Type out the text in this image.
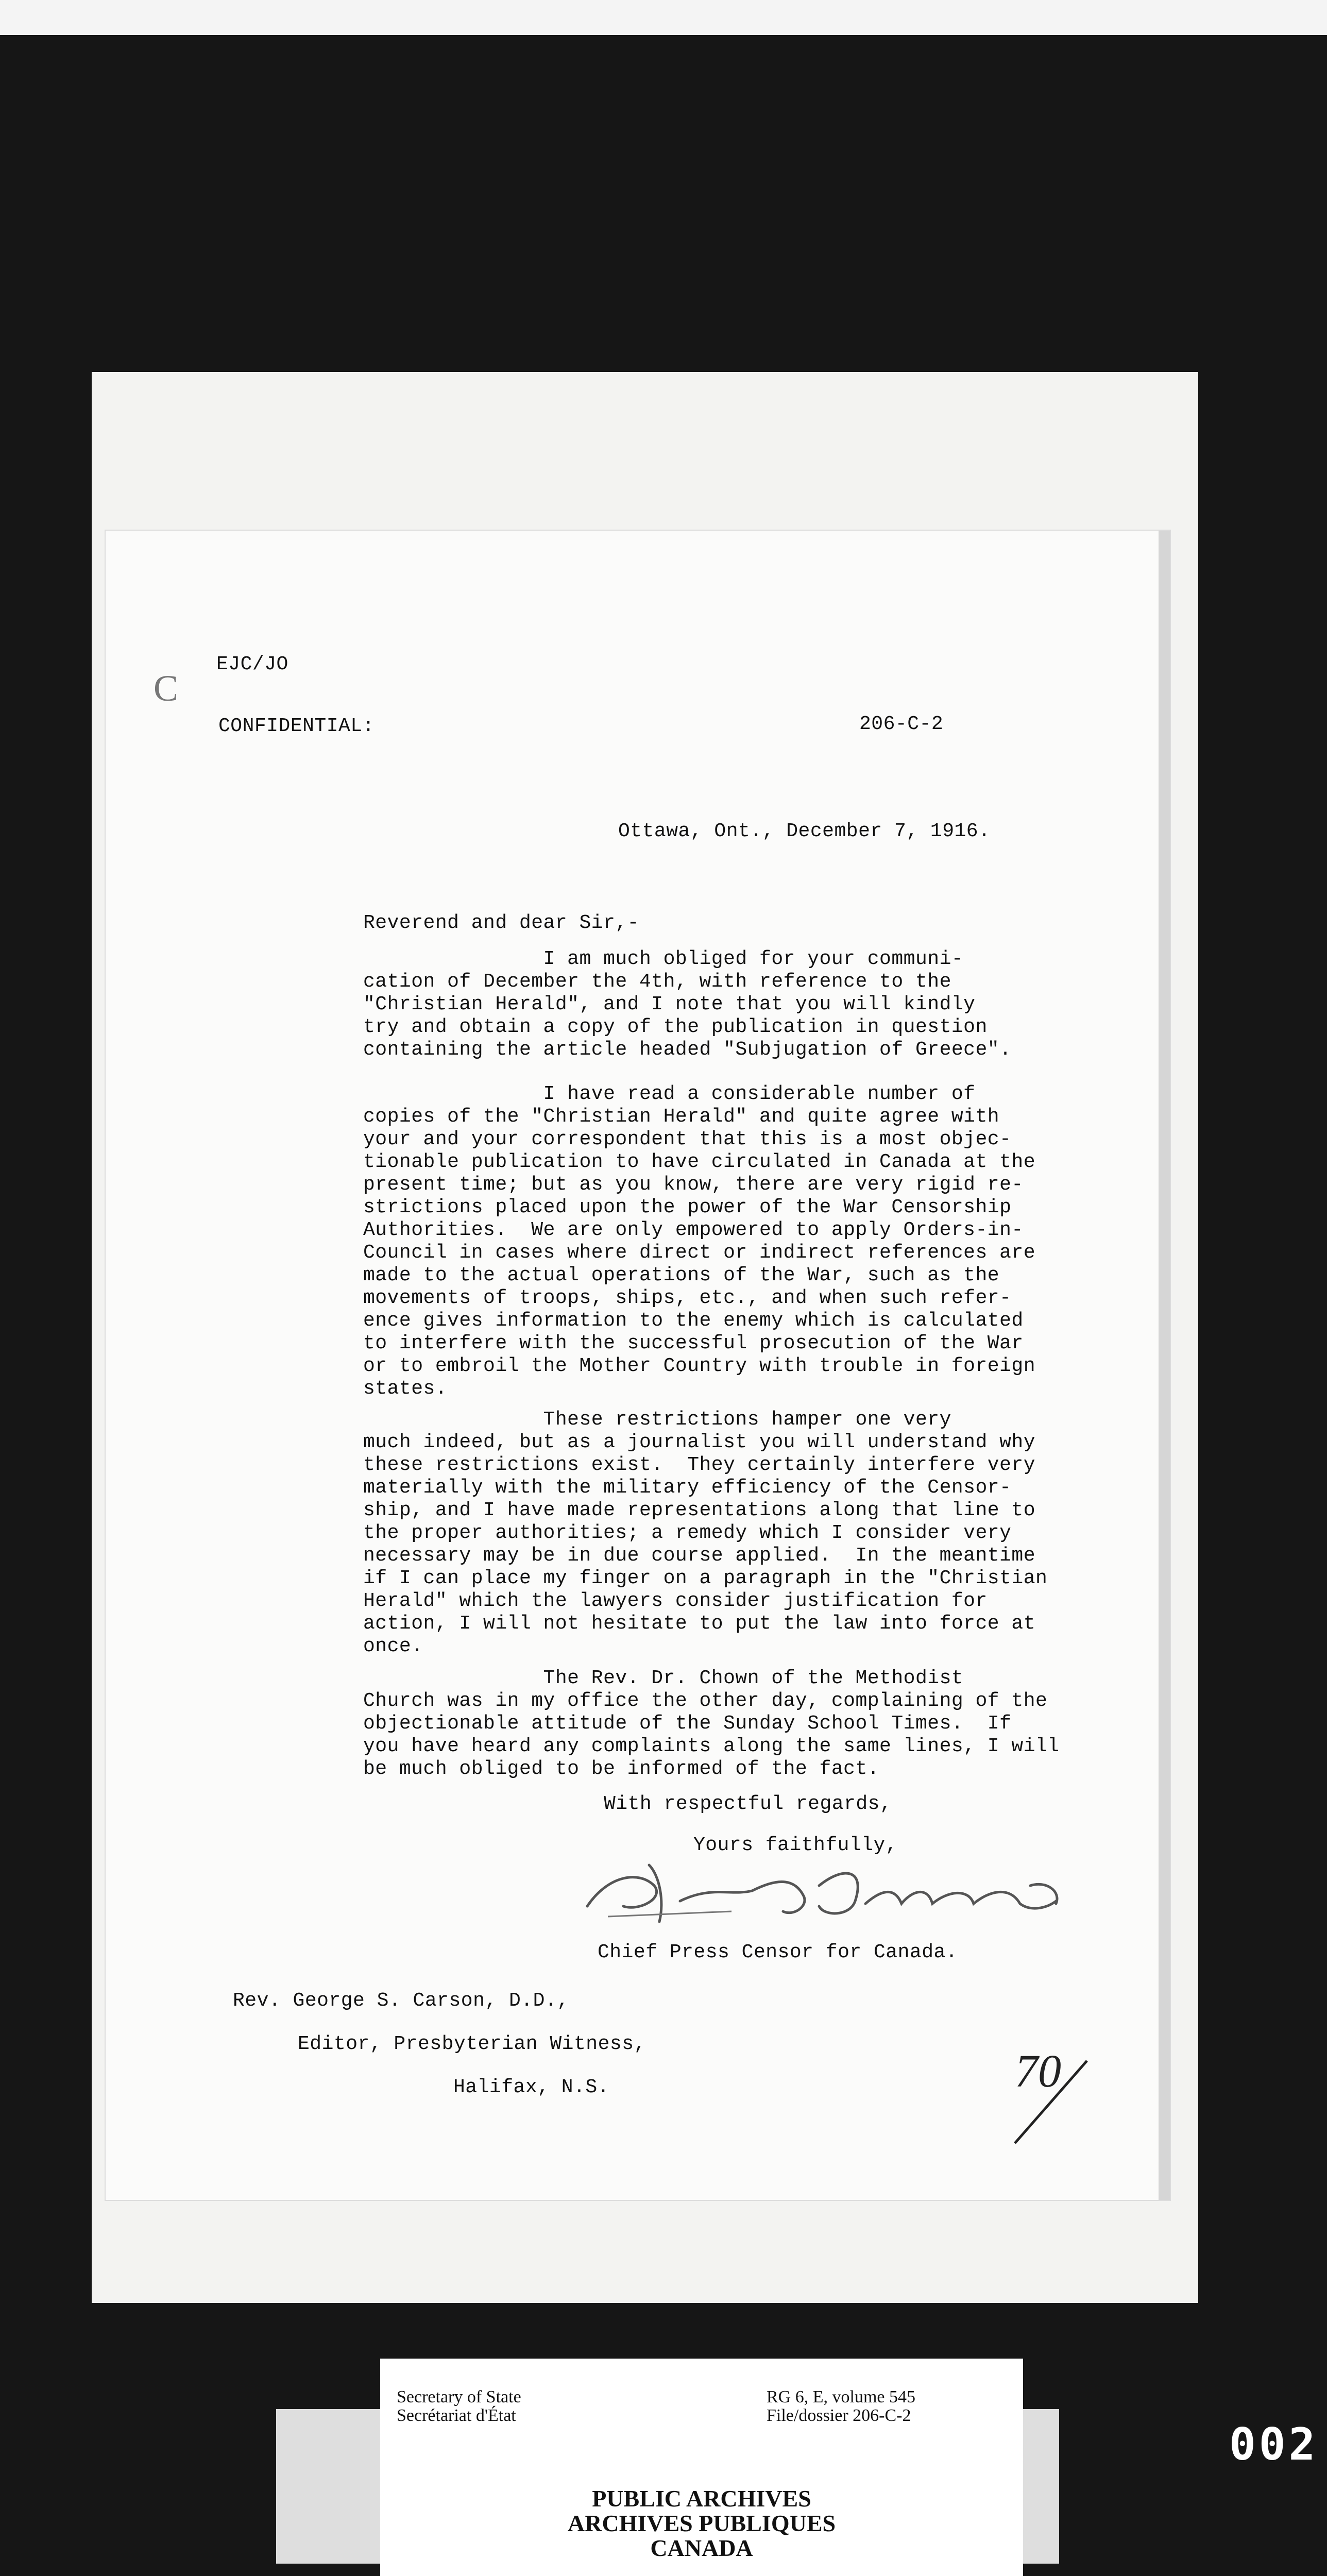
C
EJC/JO
CONFIDENTIAL:	206-C-2
Ottawa, Ont., December 7, 1916.
Reverend and dear Sir,-
I am much obliged for your communi-
cation of December the 4th, with reference to the
"Christian Herald", and I note that you will kindly
try and obtain a copy of the publication in question
containing the article headed "Subjugation of Greece".
I have read a considerable number of
copies of the "Christian Herald" and quite agree with
your and your correspondent that this is a most objec-
tionable publication to have circulated in Canada at the
present time; but as you know, there are very rigid re-
strictions placed upon the power of the War Censorship
Authorities.  We are only empowered to apply Orders-in-
Council in cases where direct or indirect references are
made to the actual operations of the War, such as the
movements of troops, ships, etc., and when such refer-
ence gives information to the enemy which is calculated
to interfere with the successful prosecution of the War
or to embroil the Mother Country with trouble in foreign
states.
These restrictions hamper one very
much indeed, but as a journalist you will understand why
these restrictions exist.  They certainly interfere very
materially with the military efficiency of the Censor-
ship, and I have made representations along that line to
the proper authorities; a remedy which I consider very
necessary may be in due course applied.  In the meantime
if I can place my finger on a paragraph in the "Christian
Herald" which the lawyers consider justification for
action, I will not hesitate to put the law into force at
once.
The Rev. Dr. Chown of the Methodist
Church was in my office the other day, complaining of the
objectionable attitude of the Sunday School Times.  If
you have heard any complaints along the same lines, I will
be much obliged to be informed of the fact.
With respectful regards,
Yours faithfully,
Chief Press Censor for Canada.
Rev. George S. Carson, D.D.,
Editor, Presbyterian Witness,
Halifax, N.S.	70
Secretary of State
Secrétariat d'État
RG 6, E, volume 545
File/dossier 206-C-2
PUBLIC ARCHIVES
ARCHIVES PUBLIQUES
CANADA
002
